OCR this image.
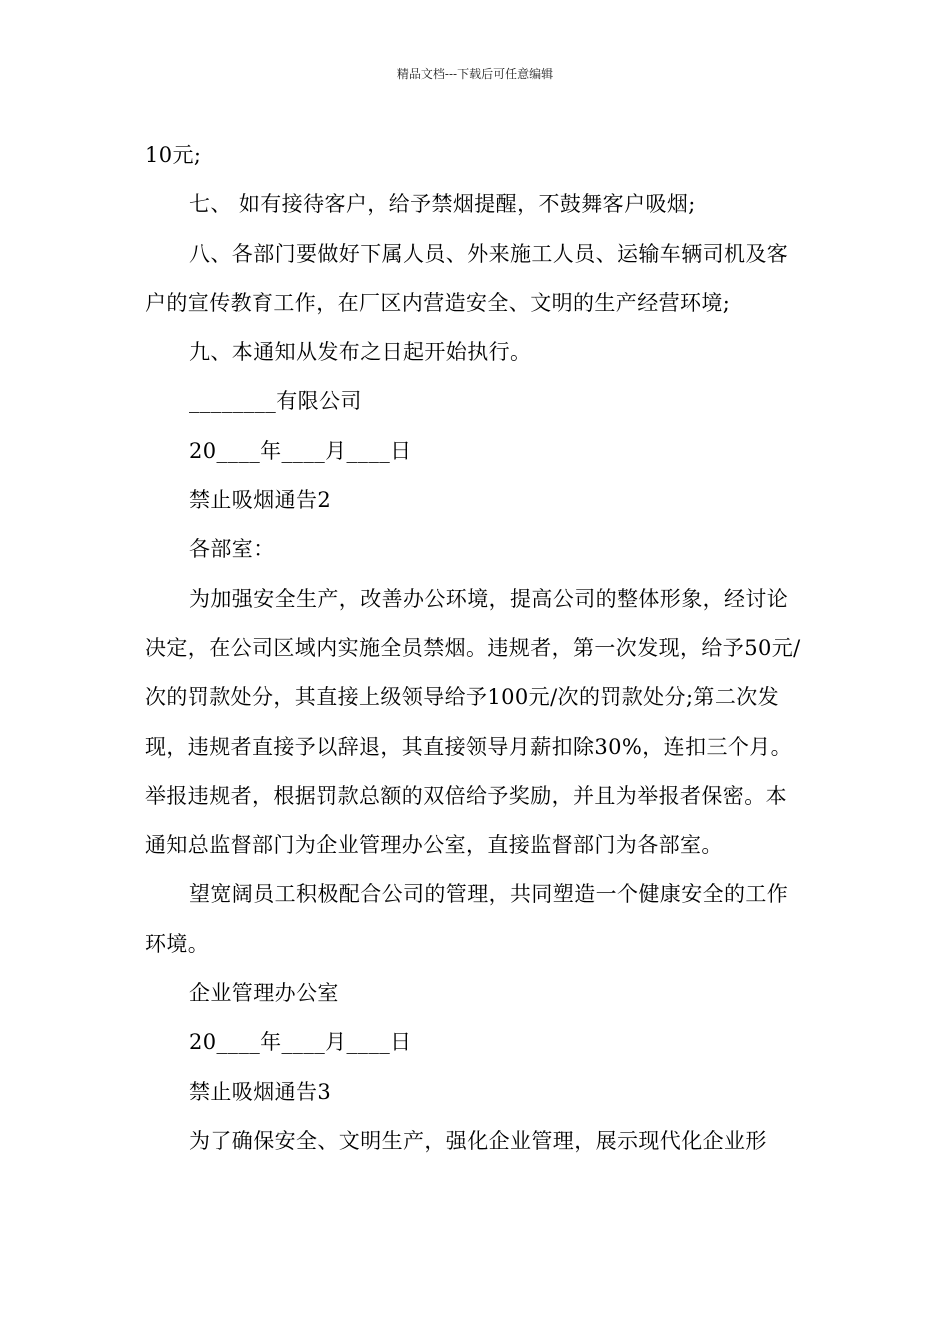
精品文档---下载后可任意编辑

10元;

七、 如有接待客户，给予禁烟提醒，不鼓舞客户吸烟;

八、各部门要做好下属人员、外来施工人员、运输车辆司机及客户的宣传教育工作，在厂区内营造安全、文明的生产经营环境;

九、本通知从发布之日起开始执行。

________有限公司

20____年____月____日

禁止吸烟通告2

各部室：

为加强安全生产，改善办公环境，提高公司的整体形象，经讨论决定，在公司区域内实施全员禁烟。违规者，第一次发现，给予50元/次的罚款处分，其直接上级领导给予100元/次的罚款处分;第二次发现，违规者直接予以辞退，其直接领导月薪扣除30%，连扣三个月。举报违规者，根据罚款总额的双倍给予奖励，并且为举报者保密。本通知总监督部门为企业管理办公室，直接监督部门为各部室。

望宽阔员工积极配合公司的管理，共同塑造一个健康安全的工作环境。

企业管理办公室

20____年____月____日

禁止吸烟通告3

为了确保安全、文明生产，强化企业管理，展示现代化企业形
